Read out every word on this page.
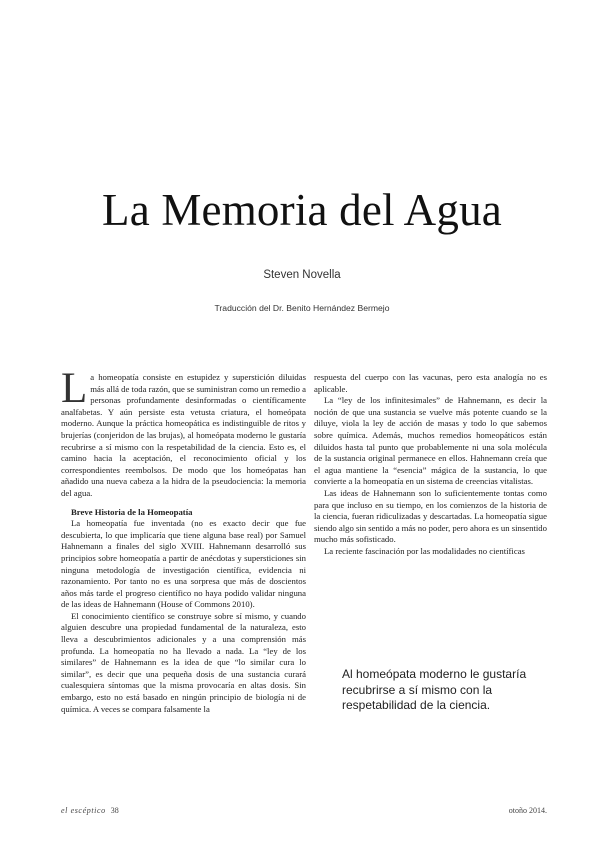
La Memoria del Agua
Steven Novella
Traducción del Dr. Benito Hernández Bermejo

La homeopatía consiste en estupidez y superstición diluidas más allá de toda razón, que se suministran como un remedio a personas profundamente desinformadas o científicamente analfabetas. Y aún persiste esta vetusta criatura, el homeópata moderno. Aunque la práctica homeopática es indistinguible de ritos y brujerías (conjeridon de las brujas), al homeópata moderno le gustaría recubrirse a sí mismo con la respetabilidad de la ciencia. Esto es, el camino hacia la aceptación, el reconocimiento oficial y los correspondientes reembolsos. De modo que los homeópatas han añadido una nueva cabeza a la hidra de la pseudociencia: la memoria del agua.

Breve Historia de la Homeopatía

La homeopatía fue inventada (no es exacto decir que fue descubierta, lo que implicaría que tiene alguna base real) por Samuel Hahnemann a finales del siglo XVIII. Hahnemann desarrolló sus principios sobre homeopatía a partir de anécdotas y supersticiones sin ninguna metodología de investigación científica, evidencia ni razonamiento. Por tanto no es una sorpresa que más de doscientos años más tarde el progreso científico no haya podido validar ninguna de las ideas de Hahnemann (House of Commons 2010).

El conocimiento científico se construye sobre sí mismo, y cuando alguien descubre una propiedad fundamental de la naturaleza, esto lleva a descubrimientos adicionales y a una comprensión más profunda. La homeopatía no ha llevado a nada. La “ley de los similares” de Hahnemann es la idea de que “lo similar cura lo similar”, es decir que una pequeña dosis de una sustancia curará cualesquiera síntomas que la misma provocaría en altas dosis. Sin embargo, esto no está basado en ningún principio de biología ni de química. A veces se compara falsamente la

respuesta del cuerpo con las vacunas, pero esta analogía no es aplicable.

La “ley de los infinitesimales” de Hahnemann, es decir la noción de que una sustancia se vuelve más potente cuando se la diluye, viola la ley de acción de masas y todo lo que sabemos sobre química. Además, muchos remedios homeopáticos están diluidos hasta tal punto que probablemente ni una sola molécula de la sustancia original permanece en ellos. Hahnemann creía que el agua mantiene la “esencia” mágica de la sustancia, lo que convierte a la homeopatía en un sistema de creencias vitalistas.

Las ideas de Hahnemann son lo suficientemente tontas como para que incluso en su tiempo, en los comienzos de la historia de la ciencia, fueran ridiculizadas y descartadas. La homeopatía sigue siendo algo sin sentido a más no poder, pero ahora es un sinsentido mucho más sofisticado.

La reciente fascinación por las modalidades no científicas

Al homeópata moderno le gustaría recubrirse a sí mismo con la respetabilidad de la ciencia.
el escéptico 38	otoño 2014.
